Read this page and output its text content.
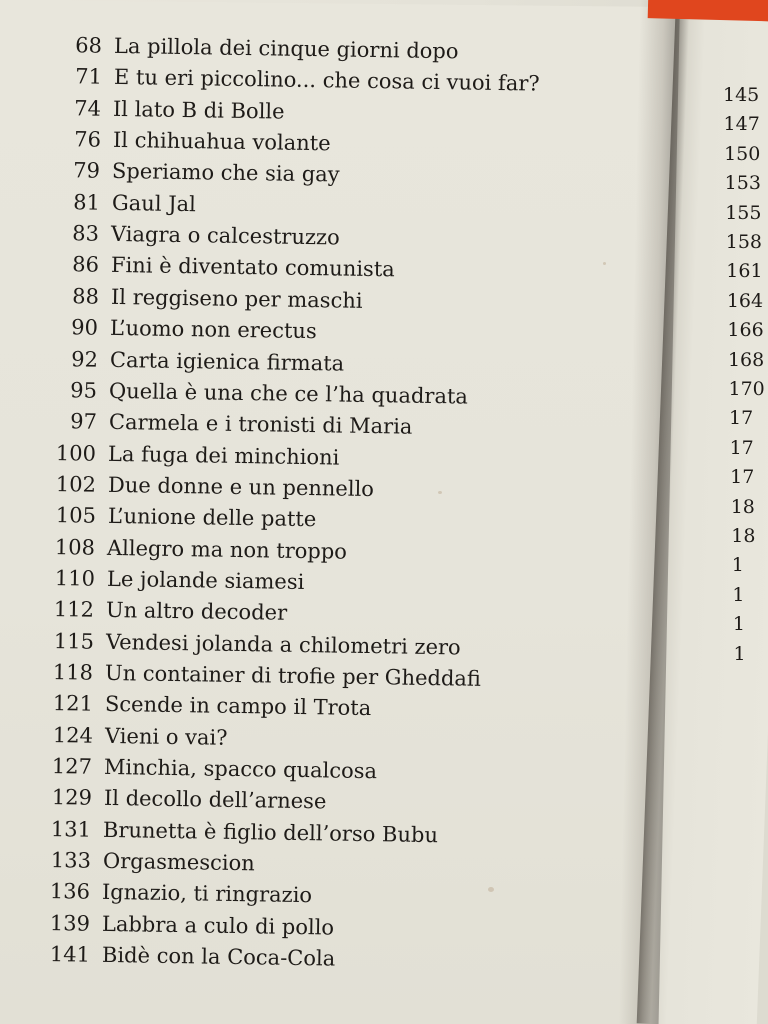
68 La pillola dei cinque giorni dopo
71 E tu eri piccolino... che cosa ci vuoi far?
74 Il lato B di Bolle
76 Il chihuahua volante
79 Speriamo che sia gay
81 Gaul Jal
83 Viagra o calcestruzzo
86 Fini è diventato comunista
88 Il reggiseno per maschi
90 L’uomo non erectus
92 Carta igienica firmata
95 Quella è una che ce l’ha quadrata
97 Carmela e i tronisti di Maria
100 La fuga dei minchioni
102 Due donne e un pennello
105 L’unione delle patte
108 Allegro ma non troppo
110 Le jolande siamesi
112 Un altro decoder
115 Vendesi jolanda a chilometri zero
118 Un container di trofie per Gheddafi
121 Scende in campo il Trota
124 Vieni o vai?
127 Minchia, spacco qualcosa
129 Il decollo dell’arnese
131 Brunetta è figlio dell’orso Bubu
133 Orgasmescion
136 Ignazio, ti ringrazio
139 Labbra a culo di pollo
141 Bidè con la Coca-Cola
145
147
150
153
155
158
161
164
166
168
170
17
17
17
18
18
1
1
1
1
